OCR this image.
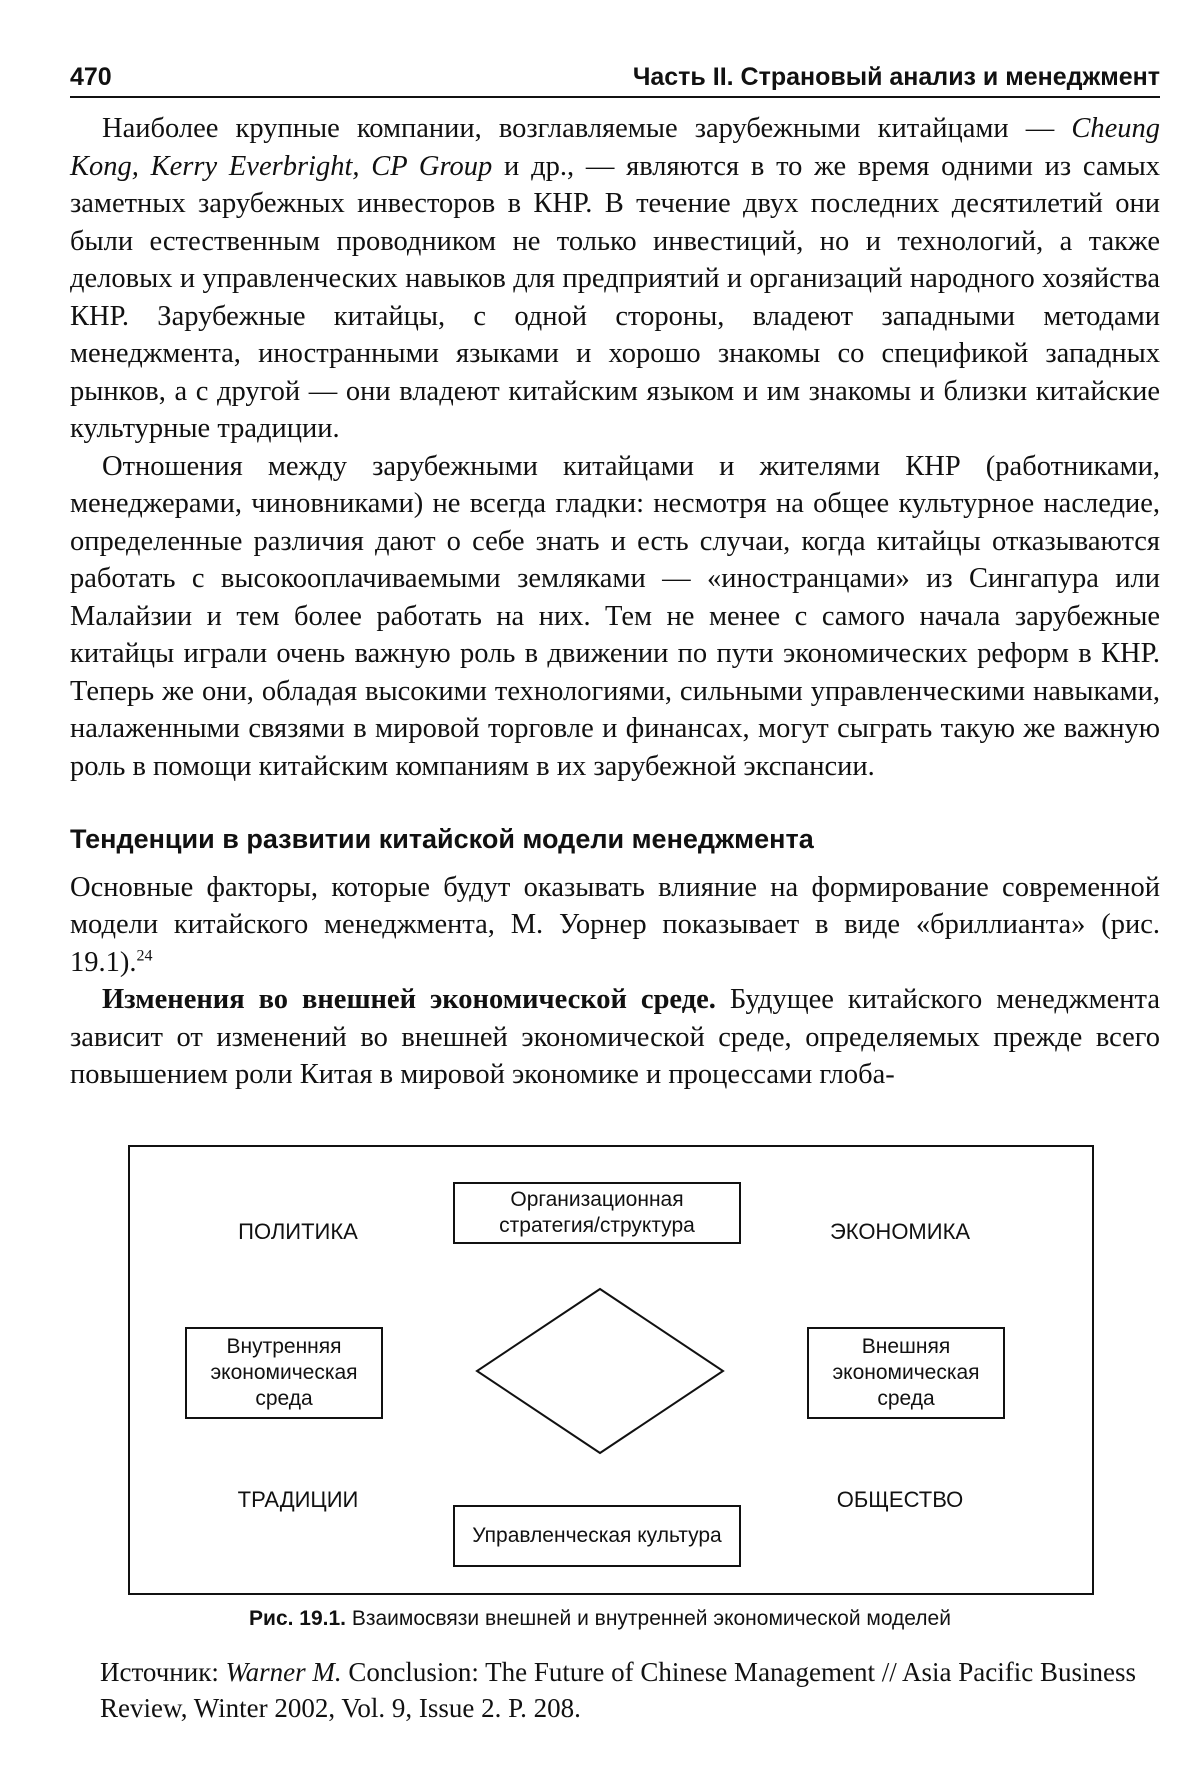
470	Часть II. Страновый анализ и менеджмент

Наиболее крупные компании, возглавляемые зарубежными китайцами — Cheung Kong, Kerry Everbright, CP Group и др., — являются в то же время одними из самых заметных зарубежных инвесторов в КНР. В течение двух последних десятилетий они были естественным проводником не только инвестиций, но и технологий, а также деловых и управленческих навыков для предприятий и организаций народного хозяйства КНР. Зарубежные китайцы, с одной стороны, владеют западными методами менеджмента, иностранными языками и хорошо знакомы со спецификой западных рынков, а с другой — они владеют китайским языком и им знакомы и близки китайские культурные традиции.

Отношения между зарубежными китайцами и жителями КНР (работниками, менеджерами, чиновниками) не всегда гладки: несмотря на общее культурное наследие, определенные различия дают о себе знать и есть случаи, когда китайцы отказываются работать с высокооплачиваемыми земляками — «иностранцами» из Сингапура или Малайзии и тем более работать на них. Тем не менее с самого начала зарубежные китайцы играли очень важную роль в движении по пути экономических реформ в КНР. Теперь же они, обладая высокими технологиями, сильными управленческими навыками, налаженными связями в мировой торговле и финансах, могут сыграть такую же важную роль в помощи китайским компаниям в их зарубежной экспансии.

Тенденции в развитии китайской модели менеджмента

Основные факторы, которые будут оказывать влияние на формирование современной модели китайского менеджмента, М. Уорнер показывает в виде «бриллианта» (рис. 19.1).$^{24}$

Изменения во внешней экономической среде. Будущее китайского менеджмента зависит от изменений во внешней экономической среде, определяемых прежде всего повышением роли Китая в мировой экономике и процессами глоба-

ПОЛИТИКА	ЭКОНОМИКА
ТРАДИЦИИ	ОБЩЕСТВО
Организационная стратегия/структура
Внутренняя экономическая среда
Внешняя экономическая среда
Управленческая культура
Рис. 19.1. Взаимосвязи внешней и внутренней экономической моделей
Источник: Warner M. Conclusion: The Future of Chinese Management // Asia Pacific Business Review, Winter 2002, Vol. 9, Issue 2. P. 208.
